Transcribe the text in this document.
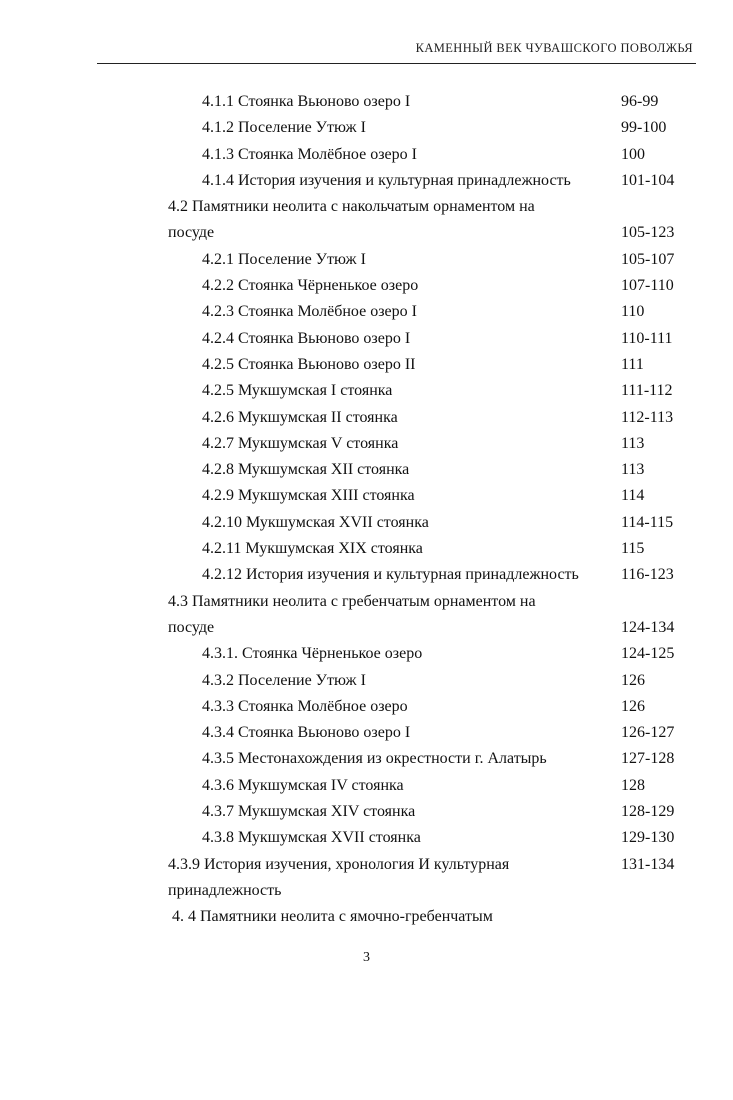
КАМЕННЫЙ ВЕК ЧУВАШСКОГО ПОВОЛЖЬЯ
4.1.1 Стоянка Вьюново озеро I	96-99
4.1.2 Поселение Утюж I	99-100
4.1.3 Стоянка Молёбное озеро I	100
4.1.4 История изучения и культурная принадлежность	101-104
4.2 Памятники неолита с накольчатым орнаментом на
посуде	105-123
4.2.1 Поселение Утюж I	105-107
4.2.2 Стоянка Чёрненькое озеро	107-110
4.2.3 Стоянка Молёбное озеро I	110
4.2.4 Стоянка Вьюново озеро I	110-111
4.2.5 Стоянка Вьюново озеро II	111
4.2.5 Мукшумская I стоянка	111-112
4.2.6 Мукшумская II стоянка	112-113
4.2.7 Мукшумская V стоянка	113
4.2.8 Мукшумская XII стоянка	113
4.2.9 Мукшумская XIII стоянка	114
4.2.10 Мукшумская XVII стоянка	114-115
4.2.11 Мукшумская XIX стоянка	115
4.2.12 История изучения и культурная принадлежность	116-123
4.3 Памятники неолита с гребенчатым орнаментом на
посуде	124-134
4.3.1. Стоянка Чёрненькое озеро	124-125
4.3.2 Поселение Утюж I	126
4.3.3 Стоянка Молёбное озеро	126
4.3.4 Стоянка Вьюново озеро I	126-127
4.3.5 Местонахождения из окрестности г. Алатырь	127-128
4.3.6 Мукшумская IV стоянка	128
4.3.7 Мукшумская XIV стоянка	128-129
4.3.8 Мукшумская XVII стоянка	129-130
4.3.9 История изучения, хронология И культурная	131-134
принадлежность
4. 4 Памятники неолита с ямочно-гребенчатым
3
